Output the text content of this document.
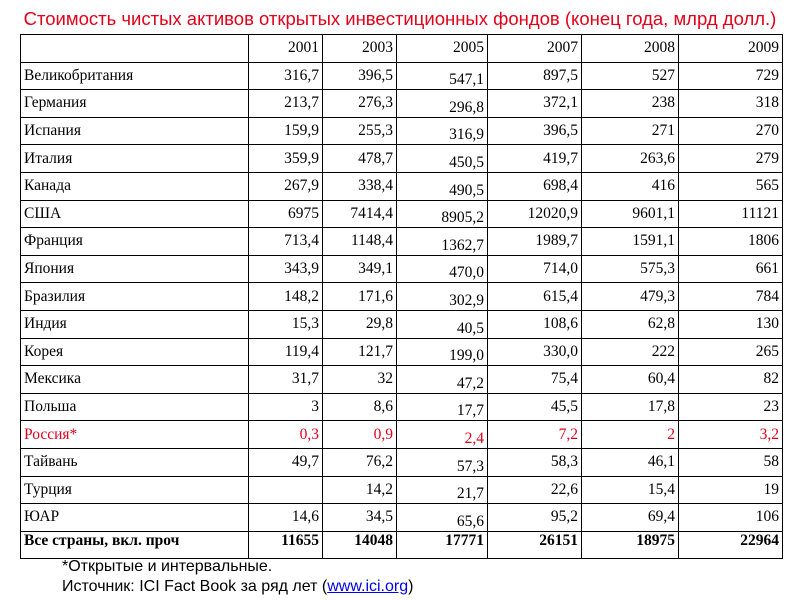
Стоимость чистых активов открытых инвестиционных фондов (конец года, млрд долл.)
	2001	2003	2005	2007	2008	2009
Великобритания	316,7	396,5	547,1	897,5	527	729
Германия	213,7	276,3	296,8	372,1	238	318
Испания	159,9	255,3	316,9	396,5	271	270
Италия	359,9	478,7	450,5	419,7	263,6	279
Канада	267,9	338,4	490,5	698,4	416	565
США	6975	7414,4	8905,2	12020,9	9601,1	11121
Франция	713,4	1148,4	1362,7	1989,7	1591,1	1806
Япония	343,9	349,1	470,0	714,0	575,3	661
Бразилия	148,2	171,6	302,9	615,4	479,3	784
Индия	15,3	29,8	40,5	108,6	62,8	130
Корея	119,4	121,7	199,0	330,0	222	265
Мексика	31,7	32	47,2	75,4	60,4	82
Польша	3	8,6	17,7	45,5	17,8	23
Россия*	0,3	0,9	2,4	7,2	2	3,2
Тайвань	49,7	76,2	57,3	58,3	46,1	58
Турция		14,2	21,7	22,6	15,4	19
ЮАР	14,6	34,5	65,6	95,2	69,4	106
Все страны, вкл. проч	11655	14048	17771	26151	18975	22964
*Открытые и интервальные.
Источник: ICI Fact Book за ряд лет (www.ici.org)
